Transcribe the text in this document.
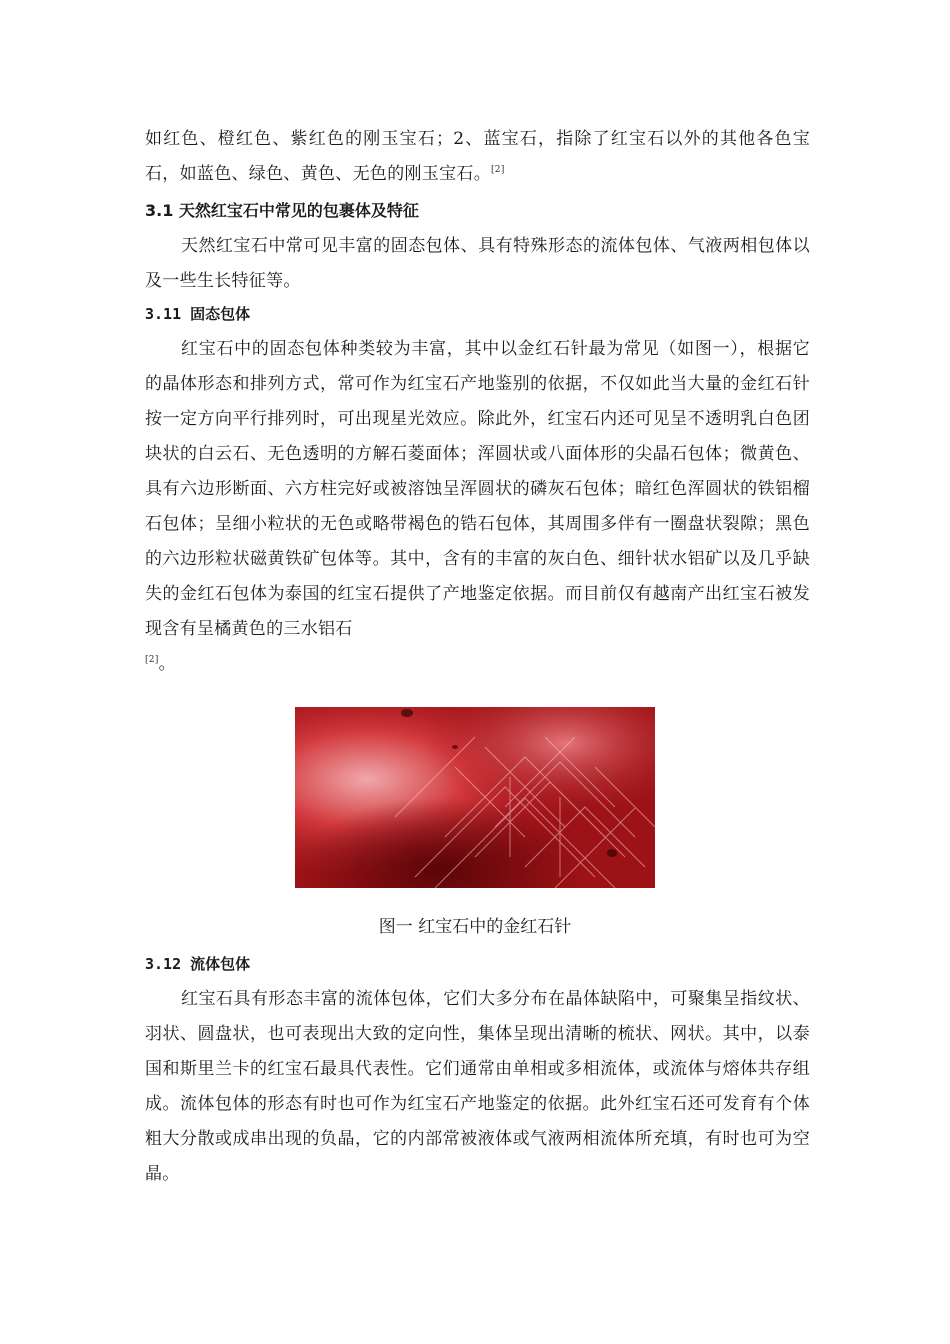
如红色、橙红色、紫红色的刚玉宝石；2、蓝宝石，指除了红宝石以外的其他各色宝石，如蓝色、绿色、黄色、无色的刚玉宝石。[2]

3.1 天然红宝石中常见的包裹体及特征

天然红宝石中常可见丰富的固态包体、具有特殊形态的流体包体、气液两相包体以及一些生长特征等。

3.11 固态包体

红宝石中的固态包体种类较为丰富，其中以金红石针最为常见（如图一），根据它的晶体形态和排列方式，常可作为红宝石产地鉴别的依据，不仅如此当大量的金红石针按一定方向平行排列时，可出现星光效应。除此外，红宝石内还可见呈不透明乳白色团块状的白云石、无色透明的方解石菱面体；浑圆状或八面体形的尖晶石包体；微黄色、具有六边形断面、六方柱完好或被溶蚀呈浑圆状的磷灰石包体；暗红色浑圆状的铁铝榴石包体；呈细小粒状的无色或略带褐色的锆石包体，其周围多伴有一圈盘状裂隙；黑色的六边形粒状磁黄铁矿包体等。其中，含有的丰富的灰白色、细针状水铝矿以及几乎缺失的金红石包体为泰国的红宝石提供了产地鉴定依据。而目前仅有越南产出红宝石被发现含有呈橘黄色的三水铝石
[2]。

图一 红宝石中的金红石针

3.12 流体包体

红宝石具有形态丰富的流体包体，它们大多分布在晶体缺陷中，可聚集呈指纹状、羽状、圆盘状，也可表现出大致的定向性，集体呈现出清晰的梳状、网状。其中，以泰国和斯里兰卡的红宝石最具代表性。它们通常由单相或多相流体，或流体与熔体共存组成。流体包体的形态有时也可作为红宝石产地鉴定的依据。此外红宝石还可发育有个体粗大分散或成串出现的负晶，它的内部常被液体或气液两相流体所充填，有时也可为空晶。
